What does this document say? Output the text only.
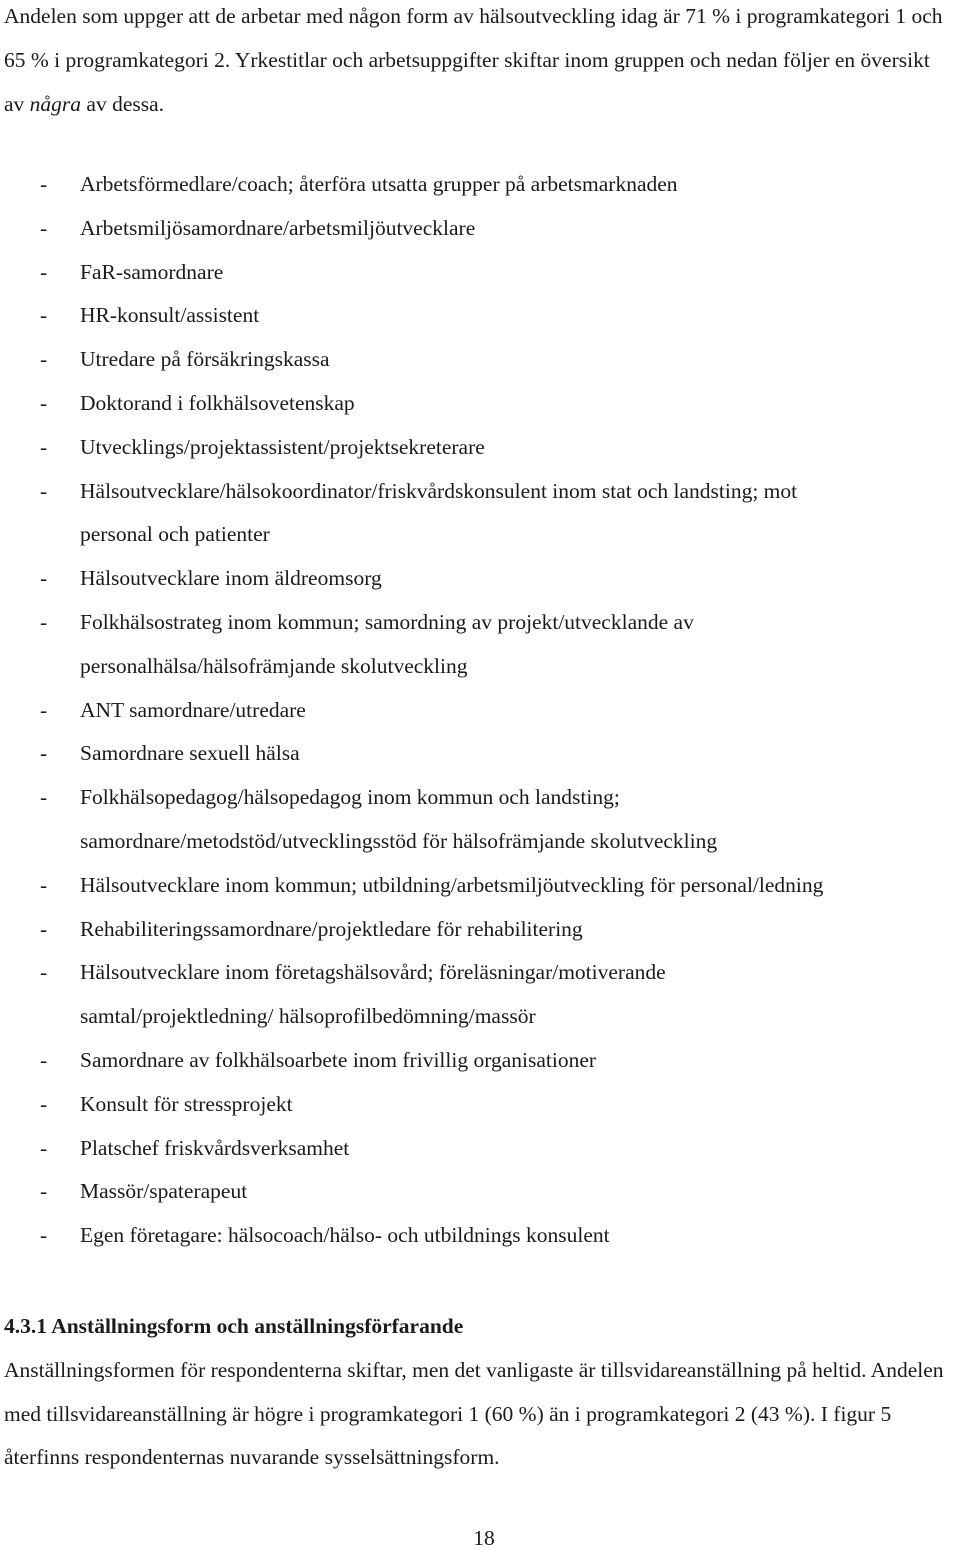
Andelen som uppger att de arbetar med någon form av hälsoutveckling idag är 71 % i programkategori 1 och 65 % i programkategori 2. Yrkestitlar och arbetsuppgifter skiftar inom gruppen och nedan följer en översikt av några av dessa.

- Arbetsförmedlare/coach; återföra utsatta grupper på arbetsmarknaden
- Arbetsmiljösamordnare/arbetsmiljöutvecklare
- FaR-samordnare
- HR-konsult/assistent
- Utredare på försäkringskassa
- Doktorand i folkhälsovetenskap
- Utvecklings/projektassistent/projektsekreterare
- Hälsoutvecklare/hälsokoordinator/friskvårdskonsulent inom stat och landsting; mot
personal och patienter
- Hälsoutvecklare inom äldreomsorg
- Folkhälsostrateg inom kommun; samordning av projekt/utvecklande av
personalhälsa/hälsofrämjande skolutveckling
- ANT samordnare/utredare
- Samordnare sexuell hälsa
- Folkhälsopedagog/hälsopedagog inom kommun och landsting;
samordnare/metodstöd/utvecklingsstöd för hälsofrämjande skolutveckling
- Hälsoutvecklare inom kommun; utbildning/arbetsmiljöutveckling för personal/ledning
- Rehabiliteringssamordnare/projektledare för rehabilitering
- Hälsoutvecklare inom företagshälsovård; föreläsningar/motiverande
samtal/projektledning/ hälsoprofilbedömning/massör
- Samordnare av folkhälsoarbete inom frivillig organisationer
- Konsult för stressprojekt
- Platschef friskvårdsverksamhet
- Massör/spaterapeut
- Egen företagare: hälsocoach/hälso- och utbildnings konsulent
4.3.1 Anställningsform och anställningsförfarande

Anställningsformen för respondenterna skiftar, men det vanligaste är tillsvidareanställning på heltid. Andelen med tillsvidareanställning är högre i programkategori 1 (60 %) än i programkategori 2 (43 %). I figur 5 återfinns respondenternas nuvarande sysselsättningsform.

18
